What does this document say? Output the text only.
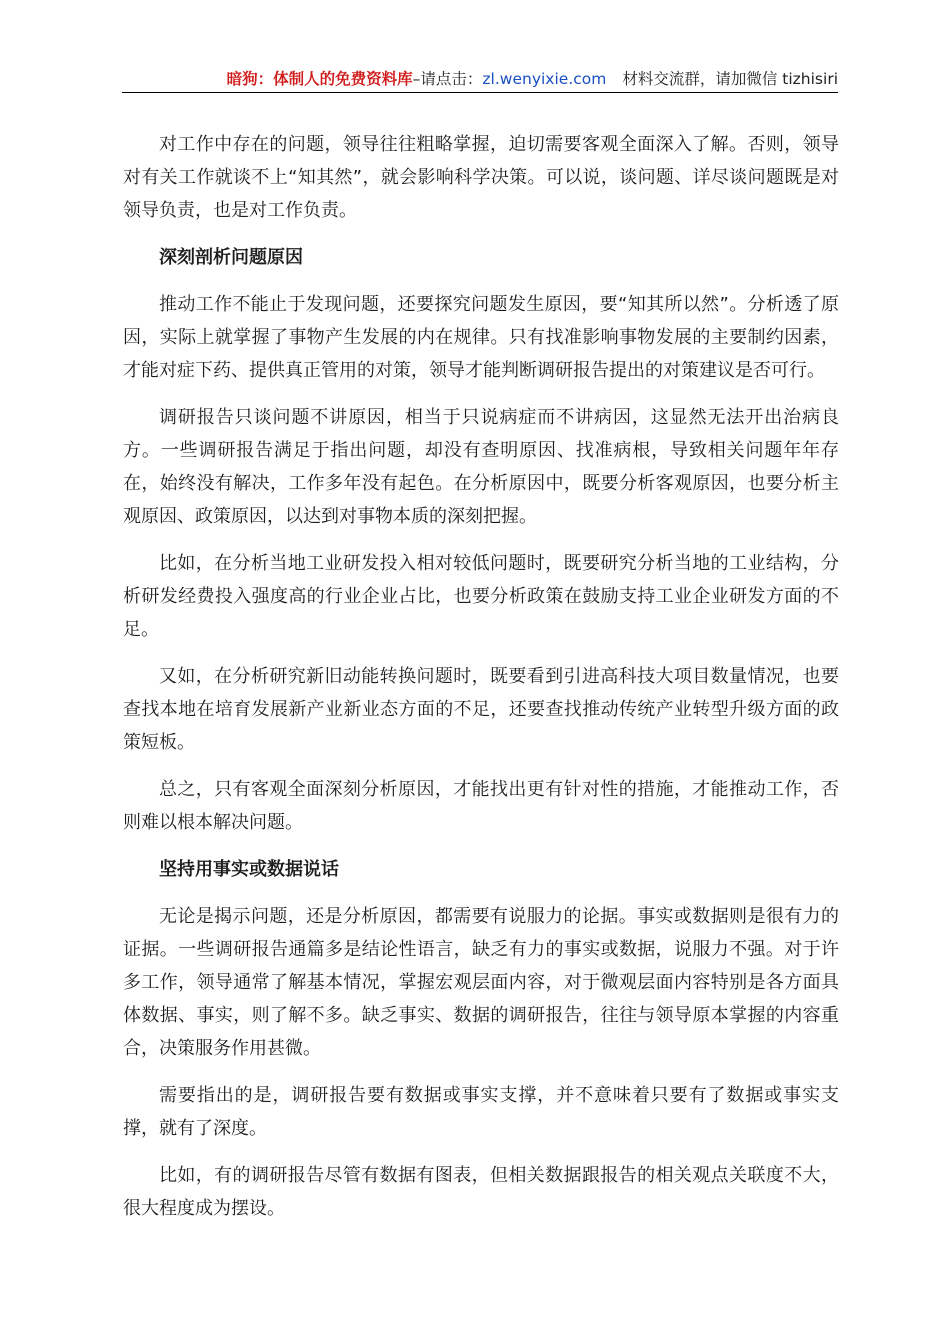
暗狗：体制人的免费资料库–请点击：zl.wenyixie.com 材料交流群，请加微信 tizhisiri

对工作中存在的问题，领导往往粗略掌握，迫切需要客观全面深入了解。否则，领导对有关工作就谈不上“知其然”，就会影响科学决策。可以说，谈问题、详尽谈问题既是对领导负责，也是对工作负责。

深刻剖析问题原因

推动工作不能止于发现问题，还要探究问题发生原因，要“知其所以然”。分析透了原因，实际上就掌握了事物产生发展的内在规律。只有找准影响事物发展的主要制约因素，才能对症下药、提供真正管用的对策，领导才能判断调研报告提出的对策建议是否可行。

调研报告只谈问题不讲原因，相当于只说病症而不讲病因，这显然无法开出治病良方。一些调研报告满足于指出问题，却没有查明原因、找准病根，导致相关问题年年存在，始终没有解决，工作多年没有起色。在分析原因中，既要分析客观原因，也要分析主观原因、政策原因，以达到对事物本质的深刻把握。

比如，在分析当地工业研发投入相对较低问题时，既要研究分析当地的工业结构，分析研发经费投入强度高的行业企业占比，也要分析政策在鼓励支持工业企业研发方面的不足。

又如，在分析研究新旧动能转换问题时，既要看到引进高科技大项目数量情况，也要查找本地在培育发展新产业新业态方面的不足，还要查找推动传统产业转型升级方面的政策短板。

总之，只有客观全面深刻分析原因，才能找出更有针对性的措施，才能推动工作，否则难以根本解决问题。

坚持用事实或数据说话

无论是揭示问题，还是分析原因，都需要有说服力的论据。事实或数据则是很有力的证据。一些调研报告通篇多是结论性语言，缺乏有力的事实或数据，说服力不强。对于许多工作，领导通常了解基本情况，掌握宏观层面内容，对于微观层面内容特别是各方面具体数据、事实，则了解不多。缺乏事实、数据的调研报告，往往与领导原本掌握的内容重合，决策服务作用甚微。

需要指出的是，调研报告要有数据或事实支撑，并不意味着只要有了数据或事实支撑，就有了深度。

比如，有的调研报告尽管有数据有图表，但相关数据跟报告的相关观点关联度不大，很大程度成为摆设。
